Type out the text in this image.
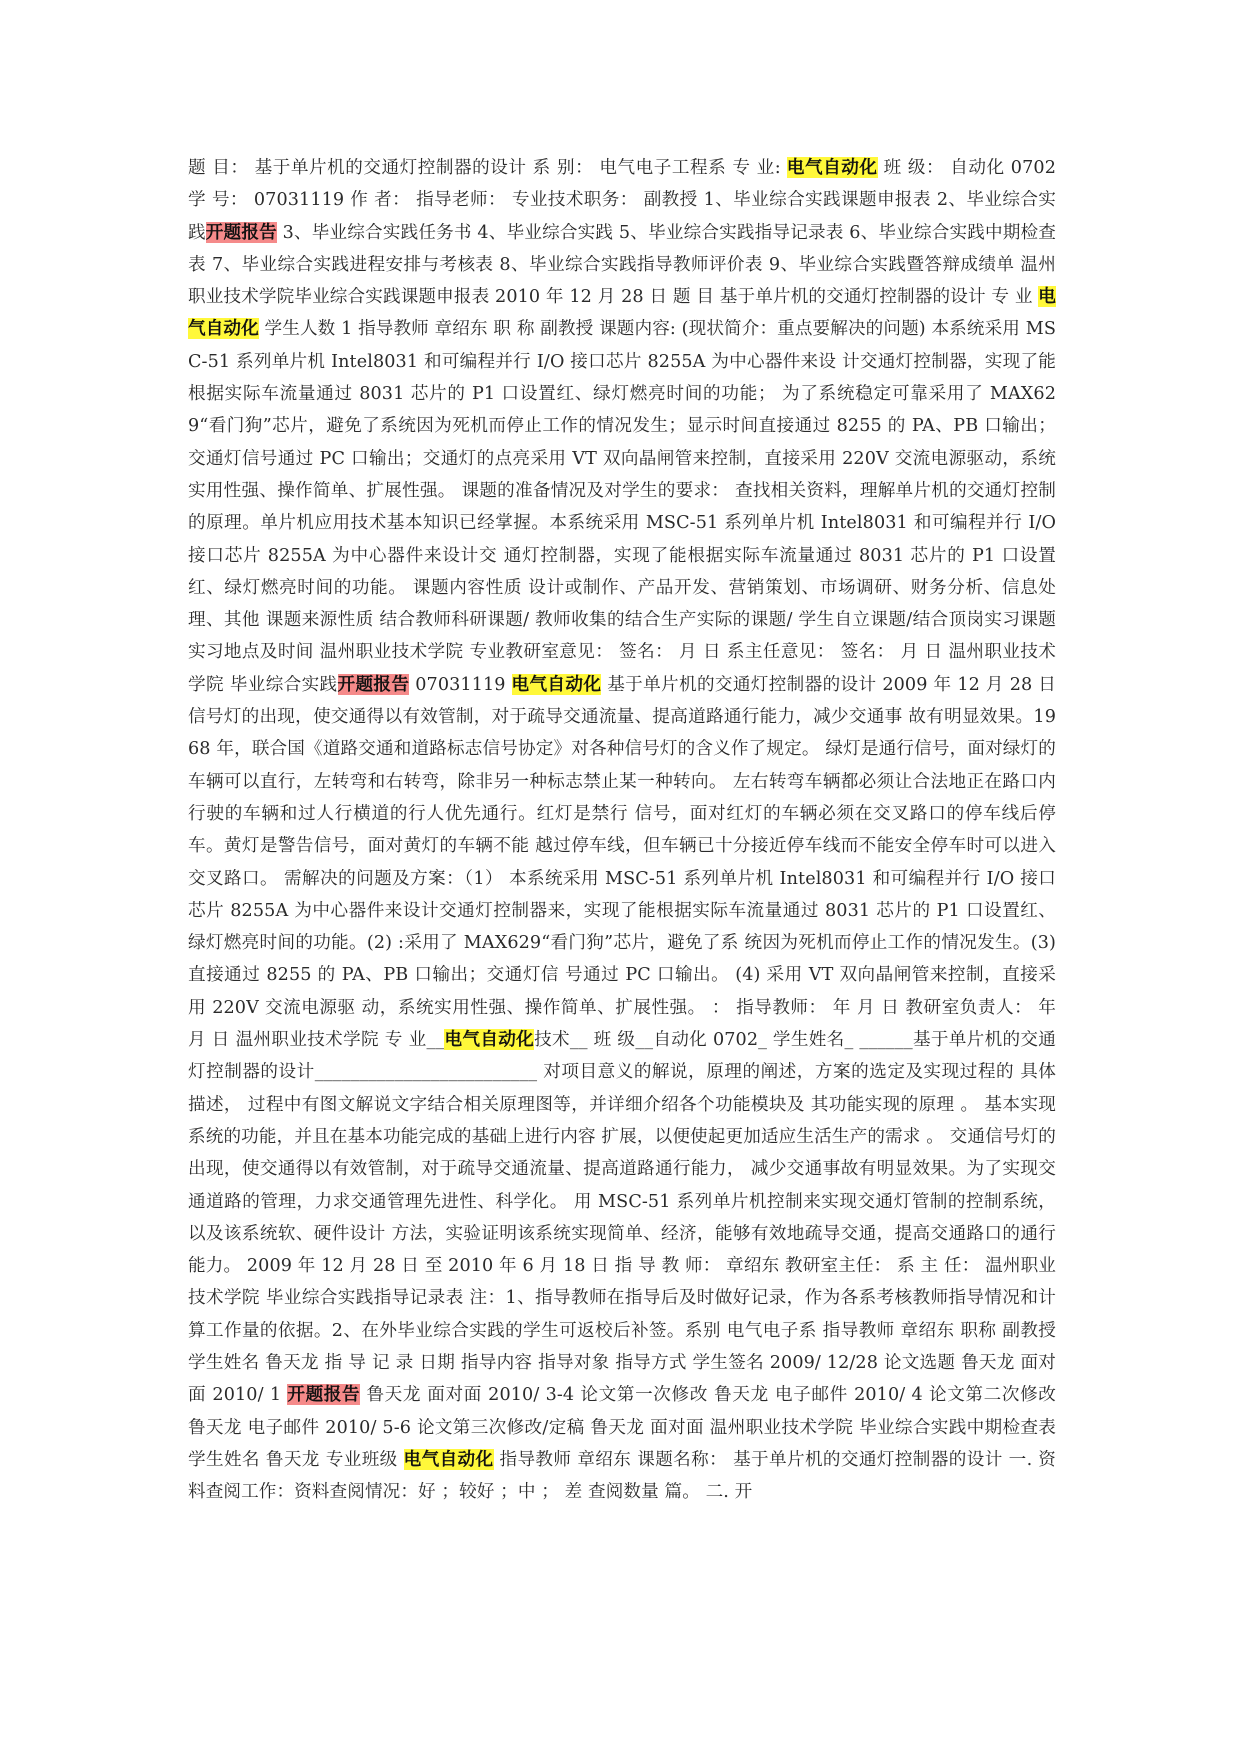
题 目： 基于单片机的交通灯控制器的设计 系 别： 电气电子工程系 专 业: 电气自动化 班 级： 自动化 0702 学 号： 07031119 作 者： 指导老师： 专业技术职务： 副教授 1、毕业综合实践课题申报表 2、毕业综合实践开题报告 3、毕业综合实践任务书 4、毕业综合实践 5、毕业综合实践指导记录表 6、毕业综合实践中期检查表 7、毕业综合实践进程安排与考核表 8、毕业综合实践指导教师评价表 9、毕业综合实践暨答辩成绩单 温州职业技术学院毕业综合实践课题申报表 2010 年 12 月 28 日 题 目 基于单片机的交通灯控制器的设计 专 业 电气自动化 学生人数 1 指导教师 章绍东 职 称 副教授 课题内容: (现状简介：重点要解决的问题) 本系统采用 MSC-51 系列单片机 Intel8031 和可编程并行 I/O 接口芯片 8255A 为中心器件来设 计交通灯控制器，实现了能根据实际车流量通过 8031 芯片的 P1 口设置红、绿灯燃亮时间的功能； 为了系统稳定可靠采用了 MAX629“看门狗”芯片，避免了系统因为死机而停止工作的情况发生；显示时间直接通过 8255 的 PA、PB 口输出；交通灯信号通过 PC 口输出；交通灯的点亮采用 VT 双向晶闸管来控制，直接采用 220V 交流电源驱动，系统实用性强、操作简单、扩展性强。 课题的准备情况及对学生的要求： 查找相关资料，理解单片机的交通灯控制的原理。单片机应用技术基本知识已经掌握。本系统采用 MSC-51 系列单片机 Intel8031 和可编程并行 I/O 接口芯片 8255A 为中心器件来设计交 通灯控制器，实现了能根据实际车流量通过 8031 芯片的 P1 口设置红、绿灯燃亮时间的功能。 课题内容性质 设计或制作、产品开发、营销策划、市场调研、财务分析、信息处理、其他 课题来源性质 结合教师科研课题/ 教师收集的结合生产实际的课题/ 学生自立课题/结合顶岗实习课题 实习地点及时间 温州职业技术学院 专业教研室意见： 签名： 月 日 系主任意见： 签名： 月 日 温州职业技术学院 毕业综合实践开题报告 07031119 电气自动化 基于单片机的交通灯控制器的设计 2009 年 12 月 28 日 信号灯的出现，使交通得以有效管制，对于疏导交通流量、提高道路通行能力，减少交通事 故有明显效果。1968 年，联合国《道路交通和道路标志信号协定》对各种信号灯的含义作了规定。 绿灯是通行信号，面对绿灯的车辆可以直行，左转弯和右转弯，除非另一种标志禁止某一种转向。 左右转弯车辆都必须让合法地正在路口内行驶的车辆和过人行横道的行人优先通行。红灯是禁行 信号，面对红灯的车辆必须在交叉路口的停车线后停车。黄灯是警告信号，面对黄灯的车辆不能 越过停车线，但车辆已十分接近停车线而不能安全停车时可以进入交叉路口。 需解决的问题及方案：（1） 本系统采用 MSC-51 系列单片机 Intel8031 和可编程并行 I/O 接口芯片 8255A 为中心器件来设计交通灯控制器来，实现了能根据实际车流量通过 8031 芯片的 P1 口设置红、绿灯燃亮时间的功能。(2) :采用了 MAX629“看门狗”芯片，避免了系 统因为死机而停止工作的情况发生。(3) 直接通过 8255 的 PA、PB 口输出；交通灯信 号通过 PC 口输出。 (4) 采用 VT 双向晶闸管来控制，直接采用 220V 交流电源驱 动，系统实用性强、操作简单、扩展性强。 ： 指导教师： 年 月 日 教研室负责人： 年 月 日 温州职业技术学院 专 业__电气自动化技术__ 班 级__自动化 0702_ 学生姓名_ ______基于单片机的交通灯控制器的设计_________________________ 对项目意义的解说，原理的阐述，方案的选定及实现过程的 具体描述， 过程中有图文解说文字结合相关原理图等，并详细介绍各个功能模块及 其功能实现的原理 。 基本实现系统的功能，并且在基本功能完成的基础上进行内容 扩展，以便使起更加适应生活生产的需求 。 交通信号灯的出现，使交通得以有效管制，对于疏导交通流量、提高道路通行能力， 减少交通事故有明显效果。为了实现交通道路的管理，力求交通管理先进性、科学化。 用 MSC-51 系列单片机控制来实现交通灯管制的控制系统，以及该系统软、硬件设计 方法，实验证明该系统实现简单、经济，能够有效地疏导交通，提高交通路口的通行 能力。 2009 年 12 月 28 日 至 2010 年 6 月 18 日 指 导 教 师： 章绍东 教研室主任： 系 主 任： 温州职业技术学院 毕业综合实践指导记录表 注：1、指导教师在指导后及时做好记录，作为各系考核教师指导情况和计算工作量的依据。2、在外毕业综合实践的学生可返校后补签。系别 电气电子系 指导教师 章绍东 职称 副教授 学生姓名 鲁天龙 指 导 记 录 日期 指导内容 指导对象 指导方式 学生签名 2009/ 12/28 论文选题 鲁天龙 面对面 2010/ 1 开题报告 鲁天龙 面对面 2010/ 3-4 论文第一次修改 鲁天龙 电子邮件 2010/ 4 论文第二次修改 鲁天龙 电子邮件 2010/ 5-6 论文第三次修改/定稿 鲁天龙 面对面 温州职业技术学院 毕业综合实践中期检查表 学生姓名 鲁天龙 专业班级 电气自动化 指导教师 章绍东 课题名称： 基于单片机的交通灯控制器的设计 一. 资料查阅工作：资料查阅情况：好 ；较好 ；中 ； 差 查阅数量 篇。 二. 开
